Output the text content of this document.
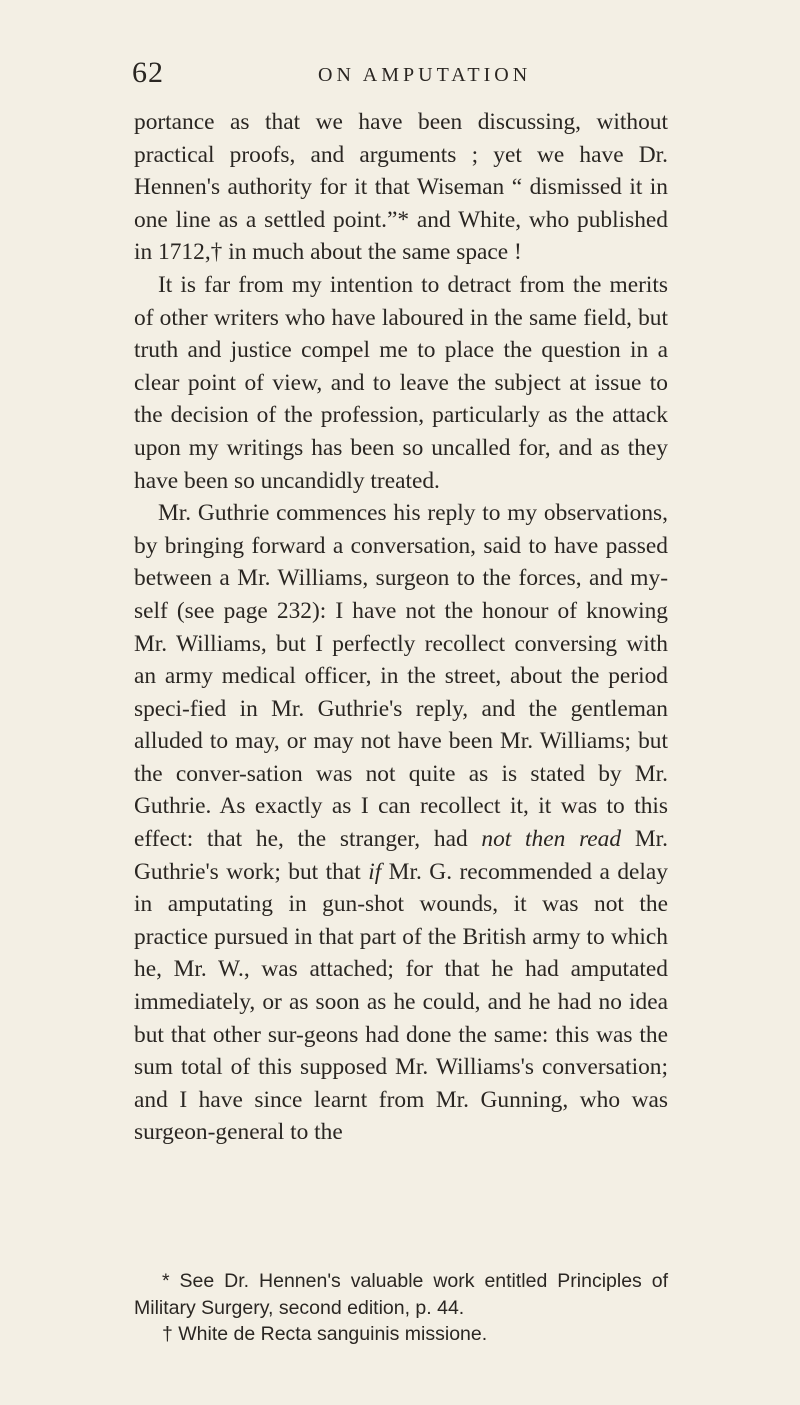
62	ON AMPUTATION

portance as that we have been discussing, without practical proofs, and arguments ; yet we have Dr. Hennen's authority for it that Wiseman “ dismissed it in one line as a settled point.”* and White, who published in 1712,† in much about the same space !

It is far from my intention to detract from the merits of other writers who have laboured in the same field, but truth and justice compel me to place the question in a clear point of view, and to leave the subject at issue to the decision of the profession, particularly as the attack upon my writings has been so uncalled for, and as they have been so uncandidly treated.

Mr. Guthrie commences his reply to my observations, by bringing forward a conversation, said to have passed between a Mr. Williams, surgeon to the forces, and my-self (see page 232): I have not the honour of knowing Mr. Williams, but I perfectly recollect conversing with an army medical officer, in the street, about the period speci-fied in Mr. Guthrie's reply, and the gentleman alluded to may, or may not have been Mr. Williams; but the conver-sation was not quite as is stated by Mr. Guthrie. As exactly as I can recollect it, it was to this effect: that he, the stranger, had not then read Mr. Guthrie's work; but that if Mr. G. recommended a delay in amputating in gun-shot wounds, it was not the practice pursued in that part of the British army to which he, Mr. W., was attached; for that he had amputated immediately, or as soon as he could, and he had no idea but that other sur-geons had done the same: this was the sum total of this supposed Mr. Williams's conversation; and I have since learnt from Mr. Gunning, who was surgeon-general to the

* See Dr. Hennen's valuable work entitled Principles of Military Surgery, second edition, p. 44.

† White de Recta sanguinis missione.
